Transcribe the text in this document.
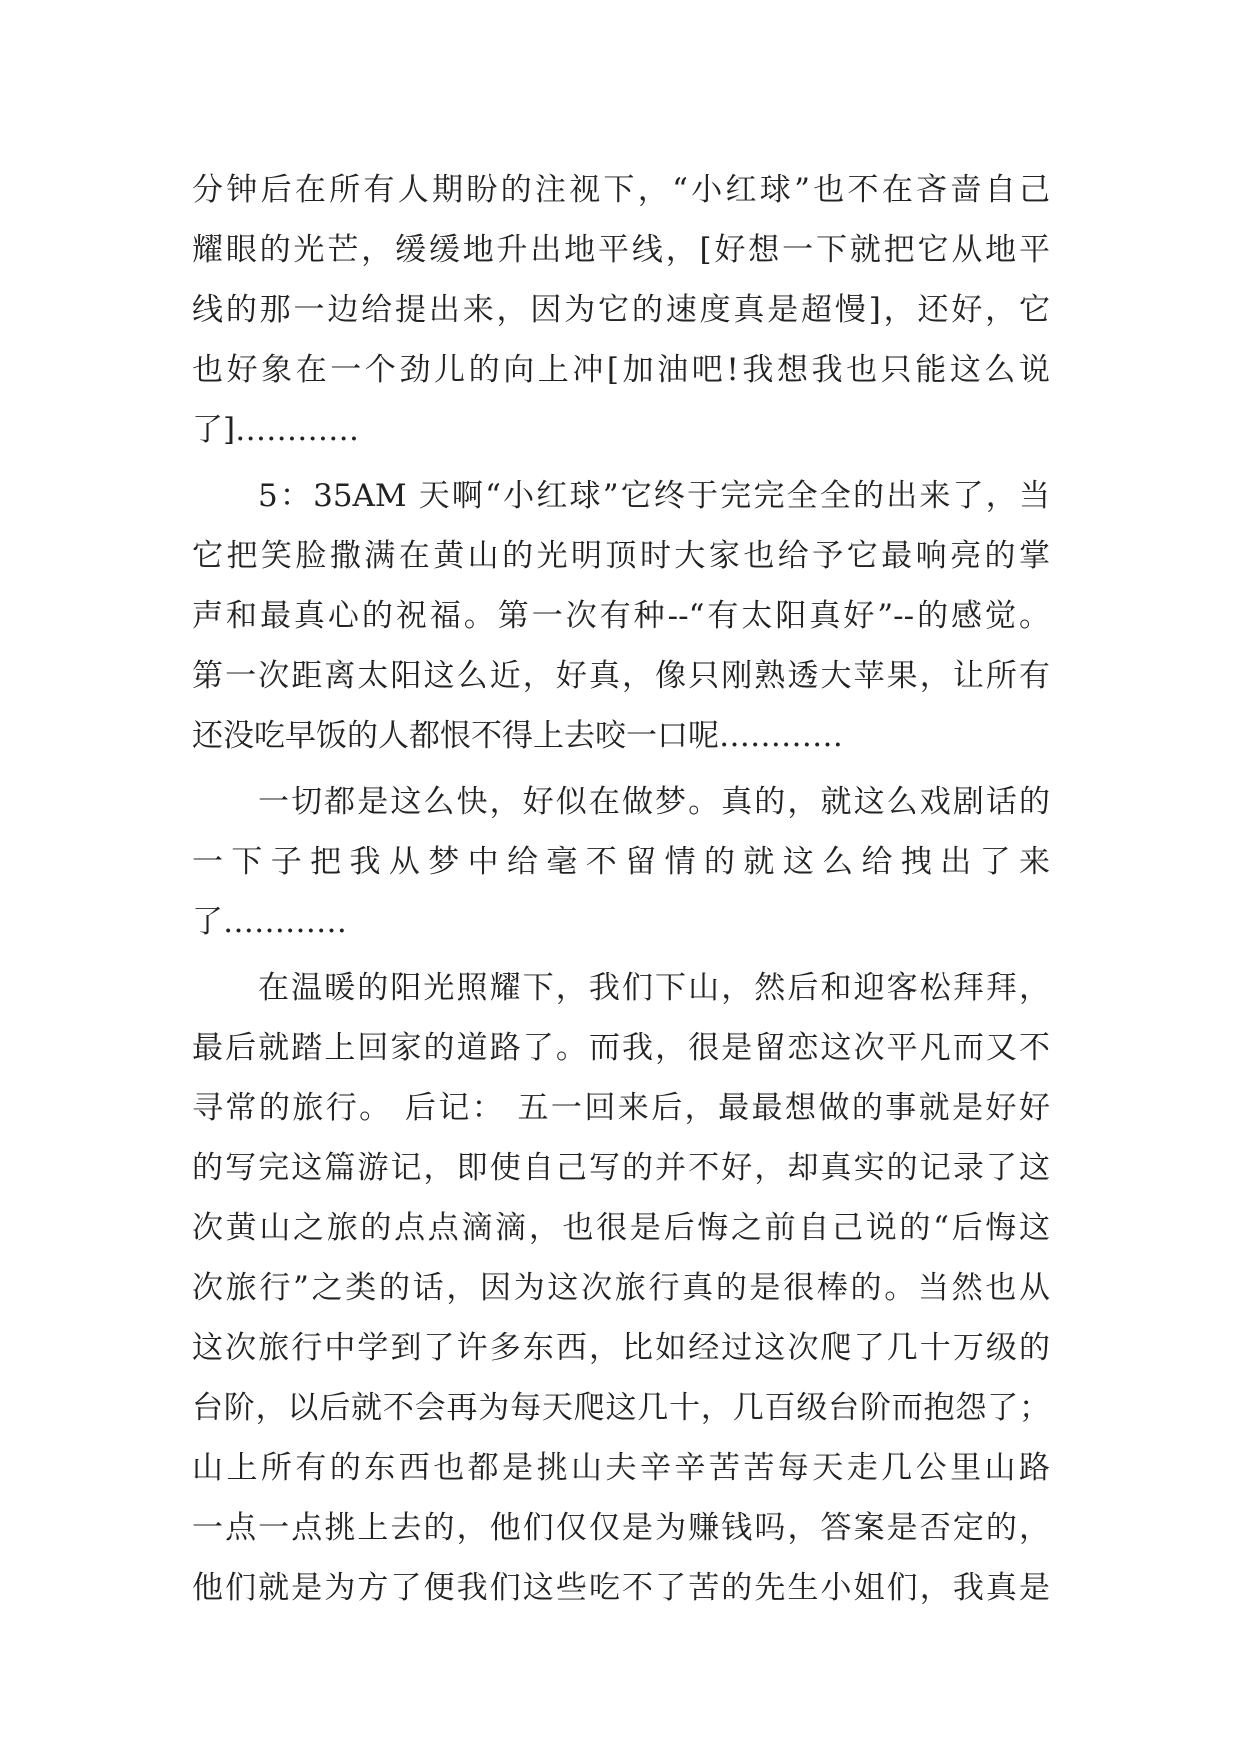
分钟后在所有人期盼的注视下，“小红球”也不在吝啬自己
耀眼的光芒，缓缓地升出地平线，[好想一下就把它从地平
线的那一边给提出来，因为它的速度真是超慢]，还好，它
也好象在一个劲儿的向上冲[加油吧!我想我也只能这么说
了]…………
5：35AM 天啊“小红球”它终于完完全全的出来了，当
它把笑脸撒满在黄山的光明顶时大家也给予它最响亮的掌
声和最真心的祝福。第一次有种--“有太阳真好”--的感觉。
第一次距离太阳这么近，好真，像只刚熟透大苹果，让所有
还没吃早饭的人都恨不得上去咬一口呢…………
一切都是这么快，好似在做梦。真的，就这么戏剧话的
一下子把我从梦中给毫不留情的就这么给拽出了来
了…………
在温暖的阳光照耀下，我们下山，然后和迎客松拜拜，
最后就踏上回家的道路了。而我，很是留恋这次平凡而又不
寻常的旅行。 后记： 五一回来后，最最想做的事就是好好
的写完这篇游记，即使自己写的并不好，却真实的记录了这
次黄山之旅的点点滴滴，也很是后悔之前自己说的“后悔这
次旅行”之类的话，因为这次旅行真的是很棒的。当然也从
这次旅行中学到了许多东西，比如经过这次爬了几十万级的
台阶，以后就不会再为每天爬这几十，几百级台阶而抱怨了；
山上所有的东西也都是挑山夫辛辛苦苦每天走几公里山路
一点一点挑上去的，他们仅仅是为赚钱吗，答案是否定的，
他们就是为方了便我们这些吃不了苦的先生小姐们，我真是
